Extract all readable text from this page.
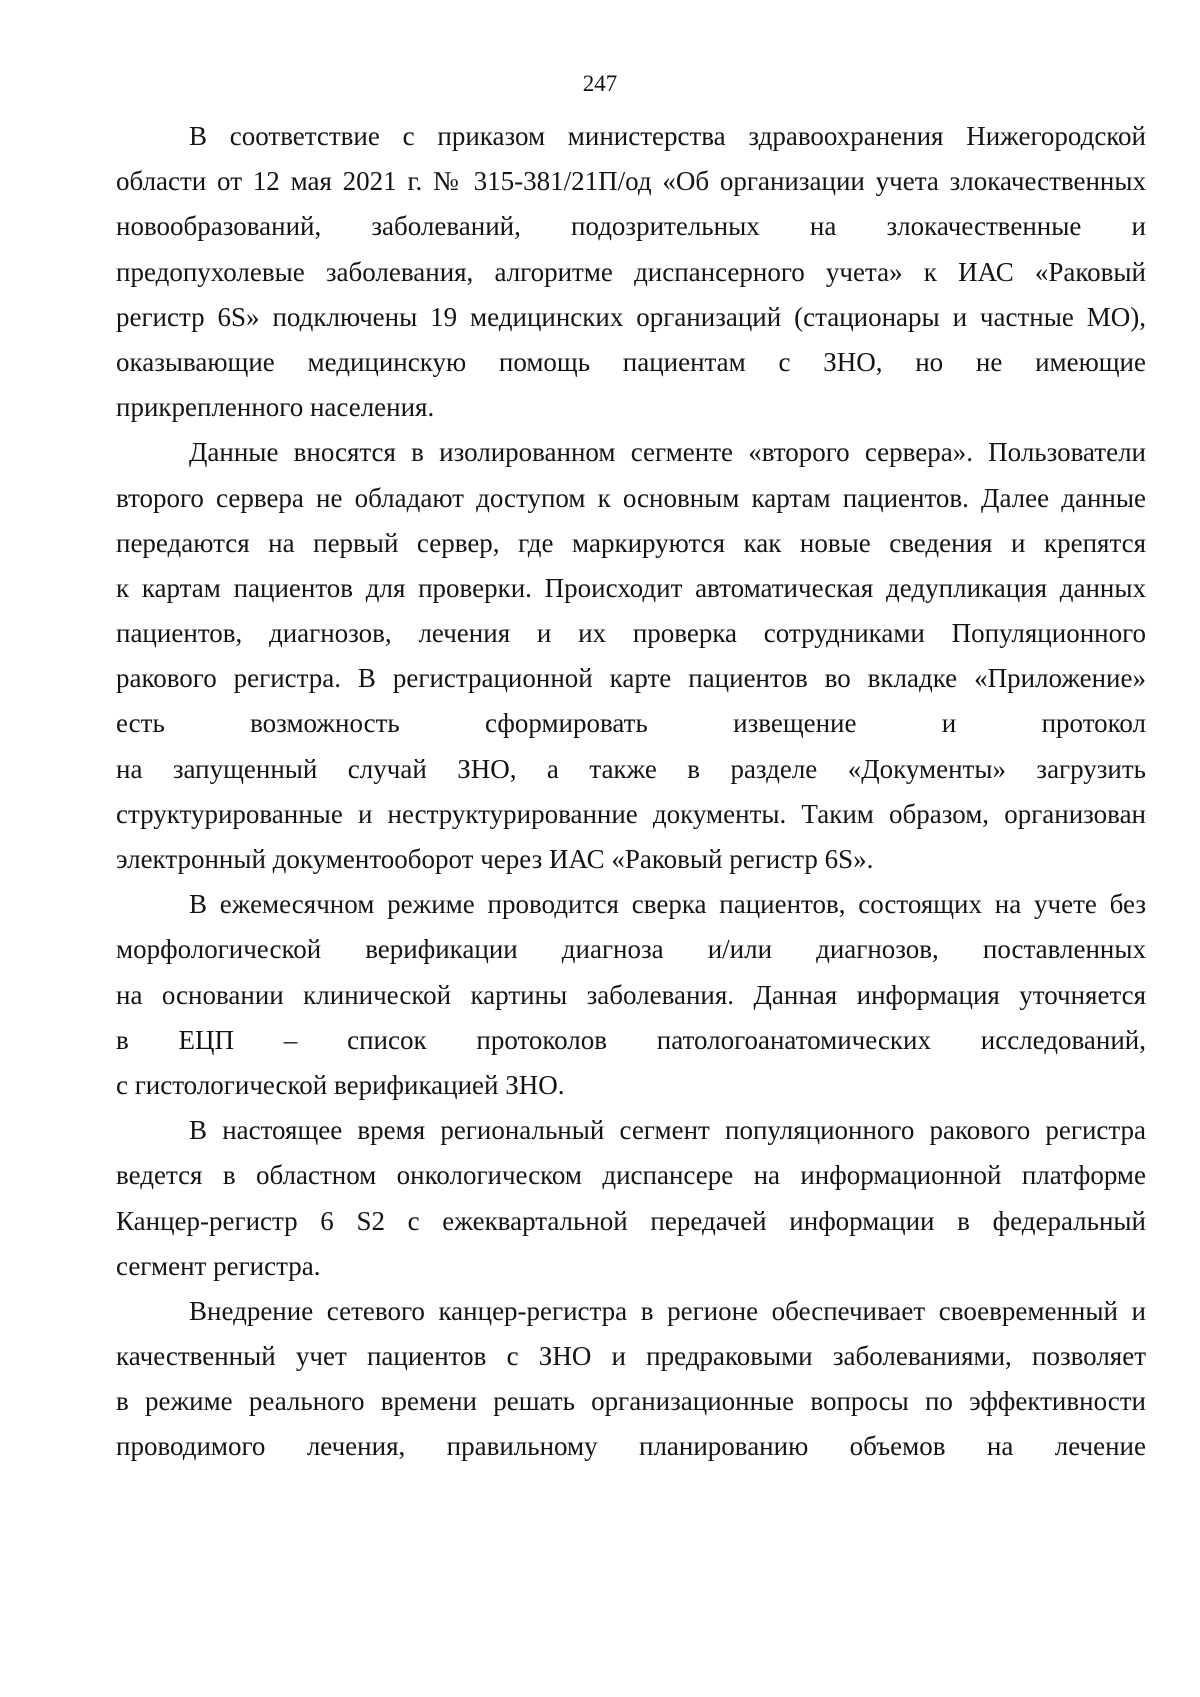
247
В соответствие с приказом министерства здравоохранения Нижегородской
области от 12 мая 2021 г. № 315-381/21П/од «Об организации учета злокачественных
новообразований, заболеваний, подозрительных на злокачественные и
предопухолевые заболевания, алгоритме диспансерного учета» к ИАС «Раковый
регистр 6S» подключены 19 медицинских организаций (стационары и частные МО),
оказывающие медицинскую помощь пациентам с ЗНО, но не имеющие
прикрепленного населения.
Данные вносятся в изолированном сегменте «второго сервера». Пользователи
второго сервера не обладают доступом к основным картам пациентов. Далее данные
передаются на первый сервер, где маркируются как новые сведения и крепятся
к картам пациентов для проверки. Происходит автоматическая дедупликация данных
пациентов, диагнозов, лечения и их проверка сотрудниками Популяционного
ракового регистра. В регистрационной карте пациентов во вкладке «Приложение»
есть возможность сформировать извещение и протокол
на запущенный случай ЗНО, а также в разделе «Документы» загрузить
структурированные и неструктурированние документы. Таким образом, организован
электронный документооборот через ИАС «Раковый регистр 6S».
В ежемесячном режиме проводится сверка пациентов, состоящих на учете без
морфологической верификации диагноза и/или диагнозов, поставленных
на основании клинической картины заболевания. Данная информация уточняется
в ЕЦП – список протоколов патологоанатомических исследований,
с гистологической верификацией ЗНО.
В настоящее время региональный сегмент популяционного ракового регистра
ведется в областном онкологическом диспансере на информационной платформе
Канцер-регистр 6 S2 с ежеквартальной передачей информации в федеральный
сегмент регистра.
Внедрение сетевого канцер-регистра в регионе обеспечивает своевременный и
качественный учет пациентов с ЗНО и предраковыми заболеваниями, позволяет
в режиме реального времени решать организационные вопросы по эффективности
проводимого лечения, правильному планированию объемов на лечение
